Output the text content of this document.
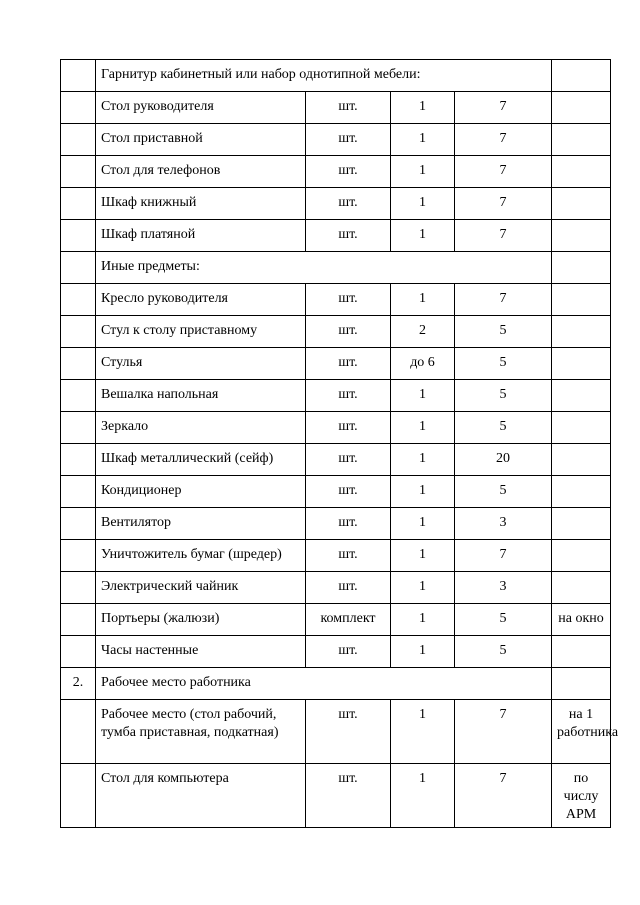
	Гарнитур кабинетный или набор однотипной мебели:				
	Стол руководителя	шт.	1	7	
	Стол приставной	шт.	1	7	
	Стол для телефонов	шт.	1	7	
	Шкаф книжный	шт.	1	7	
	Шкаф платяной	шт.	1	7	
	Иные предметы:				
	Кресло руководителя	шт.	1	7	
	Стул к столу приставному	шт.	2	5	
	Стулья	шт.	до 6	5	
	Вешалка напольная	шт.	1	5	
	Зеркало	шт.	1	5	
	Шкаф металлический (сейф)	шт.	1	20	
	Кондиционер	шт.	1	5	
	Вентилятор	шт.	1	3	
	Уничтожитель бумаг (шредер)	шт.	1	7	
	Электрический чайник	шт.	1	3	
	Портьеры (жалюзи)	комплект	1	5	на окно
	Часы настенные	шт.	1	5	
2.	Рабочее место работника				
	Рабочее место (стол рабочий, тумба приставная, подкатная)	шт.	1	7	на 1 работника
	Стол для компьютера	шт.	1	7	по числу АРМ
